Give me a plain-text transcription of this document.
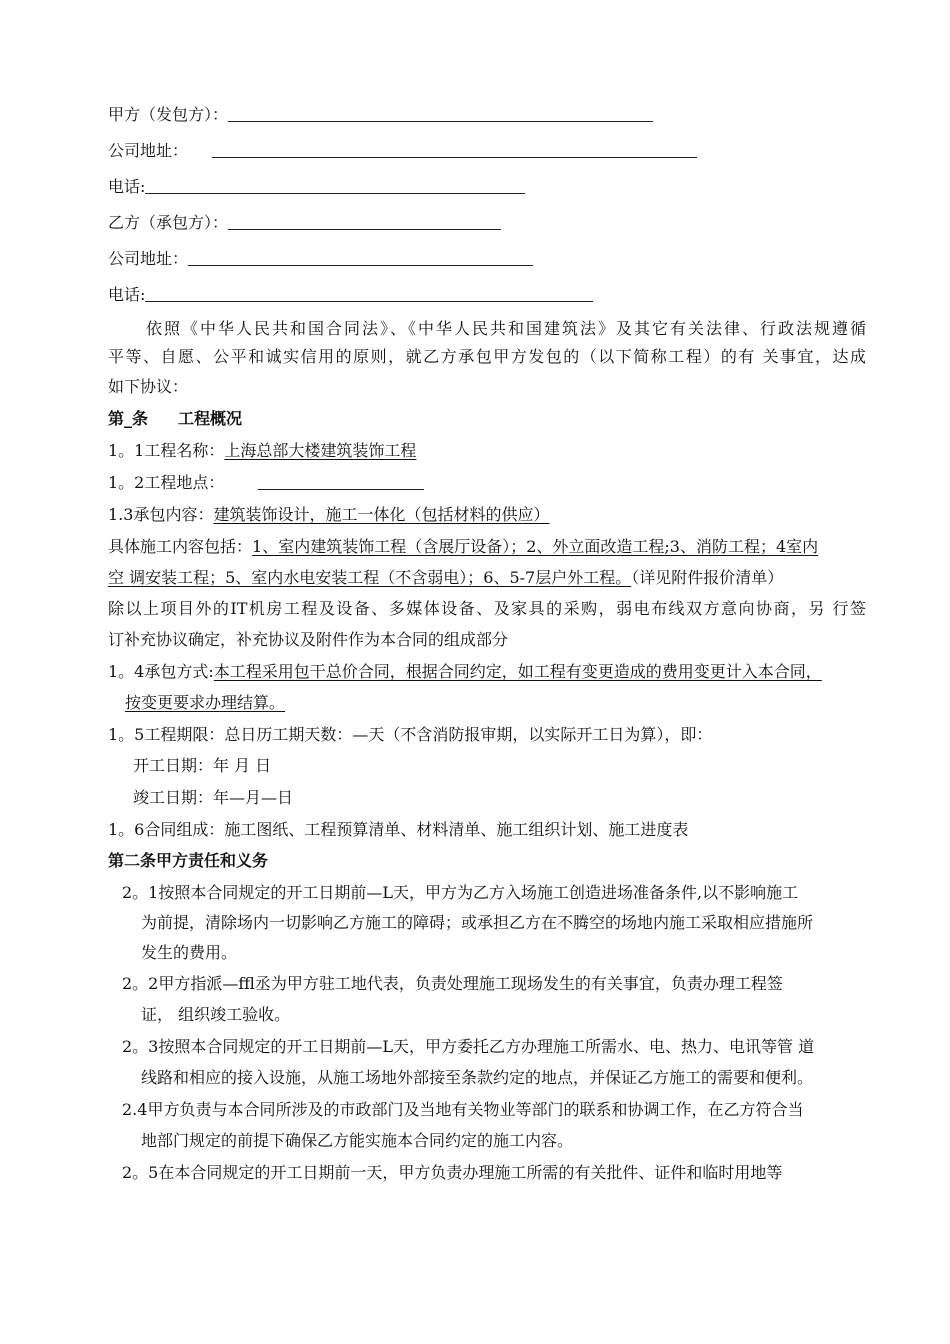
甲方（发包方）：
公司地址：
电话:
乙方（承包方）：
公司地址：
电话:
依照《中华人民共和国合同法》、《中华人民共和国建筑法》及其它有关法律、行政法规遵循
平等、自愿、公平和诚实信用的原则，就乙方承包甲方发包的（以下简称工程）的有 关事宜，达成
如下协议：
第_条 工程概况
1。1工程名称：上海总部大楼建筑装饰工程
1。2工程地点：
1.3承包内容：建筑装饰设计，施工一体化（包括材料的供应）
具体施工内容包括：1、室内建筑装饰工程（含展厅设备）；2、外立面改造工程;3、消防工程；4室内
空 调安装工程；5、室内水电安装工程（不含弱电）；6、5-7层户外工程。（详见附件报价清单）
除以上项目外的IT机房工程及设备、多媒体设备、及家具的采购，弱电布线双方意向协商，另 行签
订补充协议确定，补充协议及附件作为本合同的组成部分
1。4承包方式:本工程采用包干总价合同，根据合同约定，如工程有变更造成的费用变更计入本合同，
按变更要求办理结算。
1。5工程期限：总日历工期天数：—天（不含消防报审期，以实际开工日为算），即：
开工日期：年 月 日
竣工日期：年—月—日
1。6合同组成：施工图纸、工程预算清单、材料清单、施工组织计划、施工进度表
第二条甲方责任和义务
2。1按照本合同规定的开工日期前—L天，甲方为乙方入场施工创造进场准备条件,以不影响施工
为前提，清除场内一切影响乙方施工的障碍；或承担乙方在不腾空的场地内施工采取相应措施所
发生的费用。
2。2甲方指派—ffl丞为甲方驻工地代表，负责处理施工现场发生的有关事宜，负责办理工程签
证， 组织竣工验收。
2。3按照本合同规定的开工日期前—L天，甲方委托乙方办理施工所需水、电、热力、电讯等管 道
线路和相应的接入设施，从施工场地外部接至条款约定的地点，并保证乙方施工的需要和便利。
2.4甲方负责与本合同所涉及的市政部门及当地有关物业等部门的联系和协调工作，在乙方符合当
地部门规定的前提下确保乙方能实施本合同约定的施工内容。
2。5在本合同规定的开工日期前一天，甲方负责办理施工所需的有关批件、证件和临时用地等
